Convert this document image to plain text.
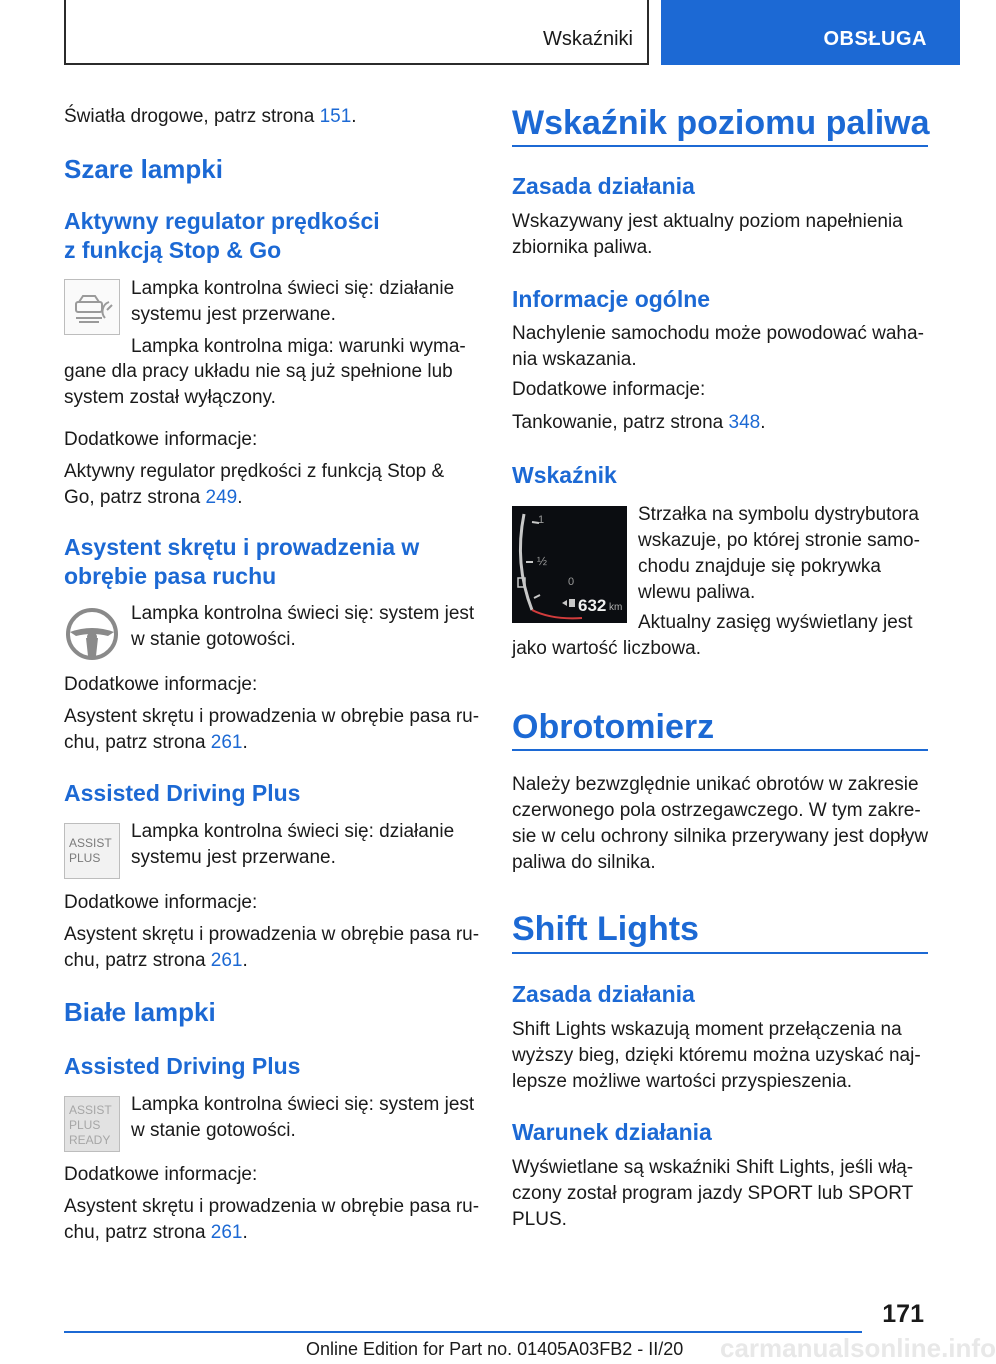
Wskaźniki	OBSŁUGA
Światła drogowe, patrz strona 151.
Szare lampki
Aktywny regulator prędkości
z funkcją Stop & Go
Lampka kontrolna świeci się: działanie
systemu jest przerwane.
Lampka kontrolna miga: warunki wyma-
gane dla pracy układu nie są już spełnione lub
system został wyłączony.
Dodatkowe informacje:
Aktywny regulator prędkości z funkcją Stop &
Go, patrz strona 249.
Asystent skrętu i prowadzenia w
obrębie pasa ruchu
Lampka kontrolna świeci się: system jest
w stanie gotowości.
Dodatkowe informacje:
Asystent skrętu i prowadzenia w obrębie pasa ru-
chu, patrz strona 261.
Assisted Driving Plus
ASSIST
PLUS
Lampka kontrolna świeci się: działanie
systemu jest przerwane.
Dodatkowe informacje:
Asystent skrętu i prowadzenia w obrębie pasa ru-
chu, patrz strona 261.
Białe lampki
Assisted Driving Plus
ASSIST
PLUS
READY
Lampka kontrolna świeci się: system jest
w stanie gotowości.
Dodatkowe informacje:
Asystent skrętu i prowadzenia w obrębie pasa ru-
chu, patrz strona 261.
Wskaźnik poziomu paliwa
Zasada działania
Wskazywany jest aktualny poziom napełnienia
zbiornika paliwa.
Informacje ogólne
Nachylenie samochodu może powodować waha-
nia wskazania.
Dodatkowe informacje:
Tankowanie, patrz strona 348.
Wskaźnik
1
½
0
632 km
Strzałka na symbolu dystrybutora
wskazuje, po której stronie samo-
chodu znajduje się pokrywka
wlewu paliwa.
Aktualny zasięg wyświetlany jest
jako wartość liczbowa.
Obrotomierz
Należy bezwzględnie unikać obrotów w zakresie
czerwonego pola ostrzegawczego. W tym zakre-
sie w celu ochrony silnika przerywany jest dopływ
paliwa do silnika.
Shift Lights
Zasada działania
Shift Lights wskazują moment przełączenia na
wyższy bieg, dzięki któremu można uzyskać naj-
lepsze możliwe wartości przyspieszenia.
Warunek działania
Wyświetlane są wskaźniki Shift Lights, jeśli włą-
czony został program jazdy SPORT lub SPORT
PLUS.
171
carmanualsonline.info
Online Edition for Part no. 01405A03FB2 - II/20
